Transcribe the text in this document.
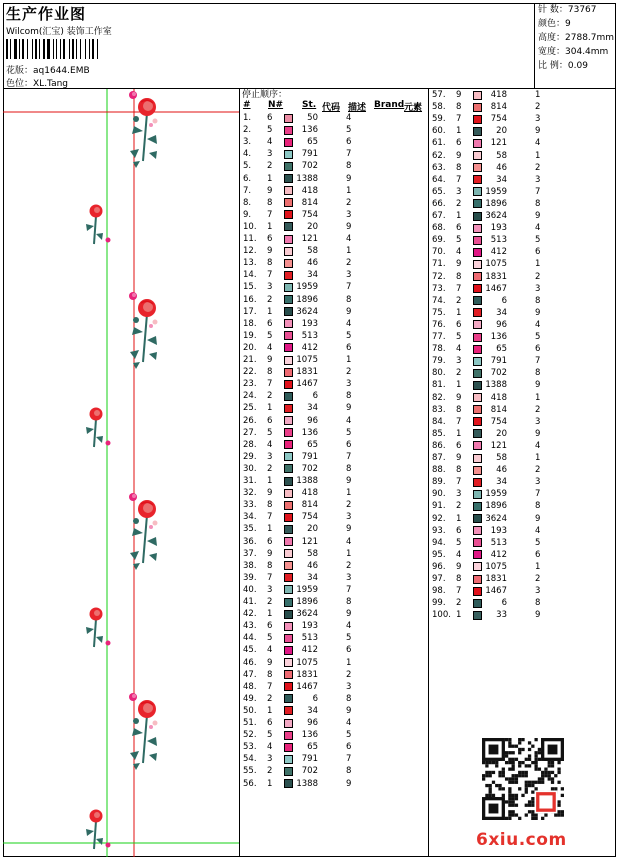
生产作业图
Wilcom(汇宝) 装饰工作室
花版：aq1644.EMB
色位：XL.Tang
针 数：73767
颜色：9
高度：2788.7mm
宽度：304.4mm
比 例：0.09
停止顺序：
# N# St. 代码 描述 Brand 元素
1. 6	50	4
2. 5	136	5
3. 4	65	6
4. 3	791	7
5. 2	702	8
6. 1	1388	9
7. 9	418	1
8. 8	814	2
9. 7	754	3
10. 1	20	9
11. 6	121	4
12. 9	58	1
13. 8	46	2
14. 7	34	3
15. 3	1959	7
16. 2	1896	8
17. 1	3624	9
18. 6	193	4
19. 5	513	5
20. 4	412	6
21. 9	1075	1
22. 8	1831	2
23. 7	1467	3
24. 2	6	8
25. 1	34	9
26. 6	96	4
27. 5	136	5
28. 4	65	6
29. 3	791	7
30. 2	702	8
31. 1	1388	9
32. 9	418	1
33. 8	814	2
34. 7	754	3
35. 1	20	9
36. 6	121	4
37. 9	58	1
38. 8	46	2
39. 7	34	3
40. 3	1959	7
41. 2	1896	8
42. 1	3624	9
43. 6	193	4
44. 5	513	5
45. 4	412	6
46. 9	1075	1
47. 8	1831	2
48. 7	1467	3
49. 2	6	8
50. 1	34	9
51. 6	96	4
52. 5	136	5
53. 4	65	6
54. 3	791	7
55. 2	702	8
56. 1	1388	9
57. 9	418	1
58. 8	814	2
59. 7	754	3
60. 1	20	9
61. 6	121	4
62. 9	58	1
63. 8	46	2
64. 7	34	3
65. 3	1959	7
66. 2	1896	8
67. 1	3624	9
68. 6	193	4
69. 5	513	5
70. 4	412	6
71. 9	1075	1
72. 8	1831	2
73. 7	1467	3
74. 2	6	8
75. 1	34	9
76. 6	96	4
77. 5	136	5
78. 4	65	6
79. 3	791	7
80. 2	702	8
81. 1	1388	9
82. 9	418	1
83. 8	814	2
84. 7	754	3
85. 1	20	9
86. 6	121	4
87. 9	58	1
88. 8	46	2
89. 7	34	3
90. 3	1959	7
91. 2	1896	8
92. 1	3624	9
93. 6	193	4
94. 5	513	5
95. 4	412	6
96. 9	1075	1
97. 8	1831	2
98. 7	1467	3
99. 2	6	8
100. 1	33	9
6xiu.com
